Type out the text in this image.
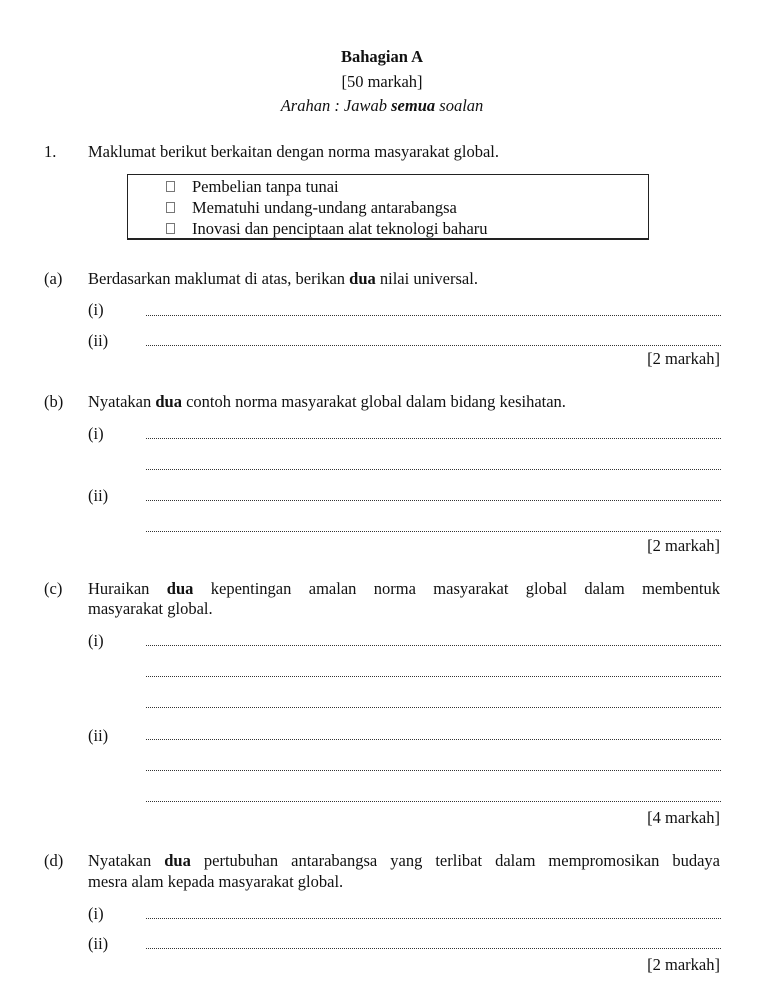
Bahagian A
[50 markah]
Arahan : Jawab semua soalan
1. Maklumat berikut berkaitan dengan norma masyarakat global.
Pembelian tanpa tunai
Mematuhi undang-undang antarabangsa
Inovasi dan penciptaan alat teknologi baharu
(a) Berdasarkan maklumat di atas, berikan dua nilai universal.
(i)
(ii)
[2 markah]
(b) Nyatakan dua contoh norma masyarakat global dalam bidang kesihatan.
(i)
(ii)
[2 markah]
(c) Huraikan dua kepentingan amalan norma masyarakat global dalam membentuk
masyarakat global.
(i)
(ii)
[4 markah]
(d) Nyatakan dua pertubuhan antarabangsa yang terlibat dalam mempromosikan budaya
mesra alam kepada masyarakat global.
(i)
(ii)
[2 markah]
